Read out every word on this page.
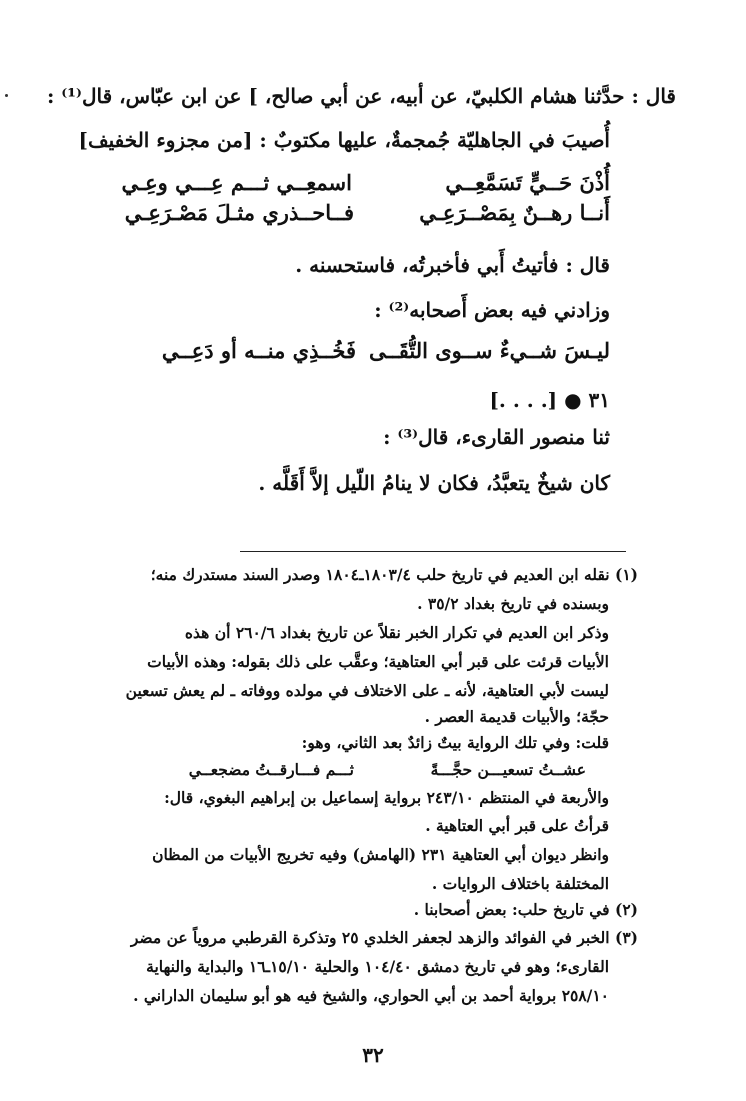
قال : حدَّثنا هشام الكلبيّ، عن أبيه، عن أبي صالح، ] عن ابن عبّاس، قال⁽¹⁾ :
أُصيبَ في الجاهليّة جُمجمةٌ، عليها مكتوبٌ : [من مجزوء الخفيف]
أُذْنَ حَــيٍّ تَسَمَّعِــي
اسمعِــي ثـــم عِـــي وعِـي
أَنــا رهــنٌ بِمَصْــرَعِـي
فــاحــذري مثـلَ مَصْـرَعِـي
قال : فأتيتُ أَبي فأخبرتُه، فاستحسنه .
وزادني فيه بعض أَصحابه⁽²⁾ :
ليـسَ شــيءٌ ســوى التُّقَــى
فَخُــذِي منــه أو دَعِــي
٣١ ● [. . . .]
ثنا منصور القارىء، قال⁽³⁾ :
كان شيخٌ يتعبَّدُ، فكان لا ينامُ اللّيل إلاَّ أَقَلَّه .
(١) نقله ابن العديم في تاريخ حلب ١٨٠٣/٤ـ١٨٠٤ وصدر السند مستدرك منه؛
وبسنده في تاريخ بغداد ٣٥/٢ .
وذكر ابن العديم في تكرار الخبر نقلاً عن تاريخ بغداد ٢٦٠/٦ أن هذه
الأبيات قرئت على قبر أبي العتاهية؛ وعقَّب على ذلك بقوله: وهذه الأبيات
ليست لأبي العتاهية، لأنه ـ على الاختلاف في مولده ووفاته ـ لم يعش تسعين
حجّة؛ والأبيات قديمة العصر .
قلت: وفي تلك الرواية بيتٌ زائدٌ بعد الثاني، وهو:
عشــتُ تسعيـــن حجَّـــةً
ثـــم فـــارقــتُ مضجعــي
والأربعة في المنتظم ٢٤٣/١٠ برواية إسماعيل بن إبراهيم البغوي، قال:
قرأتُ على قبر أبي العتاهية .
وانظر ديوان أبي العتاهية ٢٣١ (الهامش) وفيه تخريج الأبيات من المظان
المختلفة باختلاف الروايات .
(٢) في تاريخ حلب: بعض أصحابنا .
(٣) الخبر في الفوائد والزهد لجعفر الخلدي ٢٥ وتذكرة القرطبي مروياً عن مضر
القارىء؛ وهو في تاريخ دمشق ١٠٤/٤٠ والحلية ١٥/١٠ـ١٦ والبداية والنهاية
٢٥٨/١٠ برواية أحمد بن أبي الحواري، والشيخ فيه هو أبو سليمان الداراني .
٣٢
